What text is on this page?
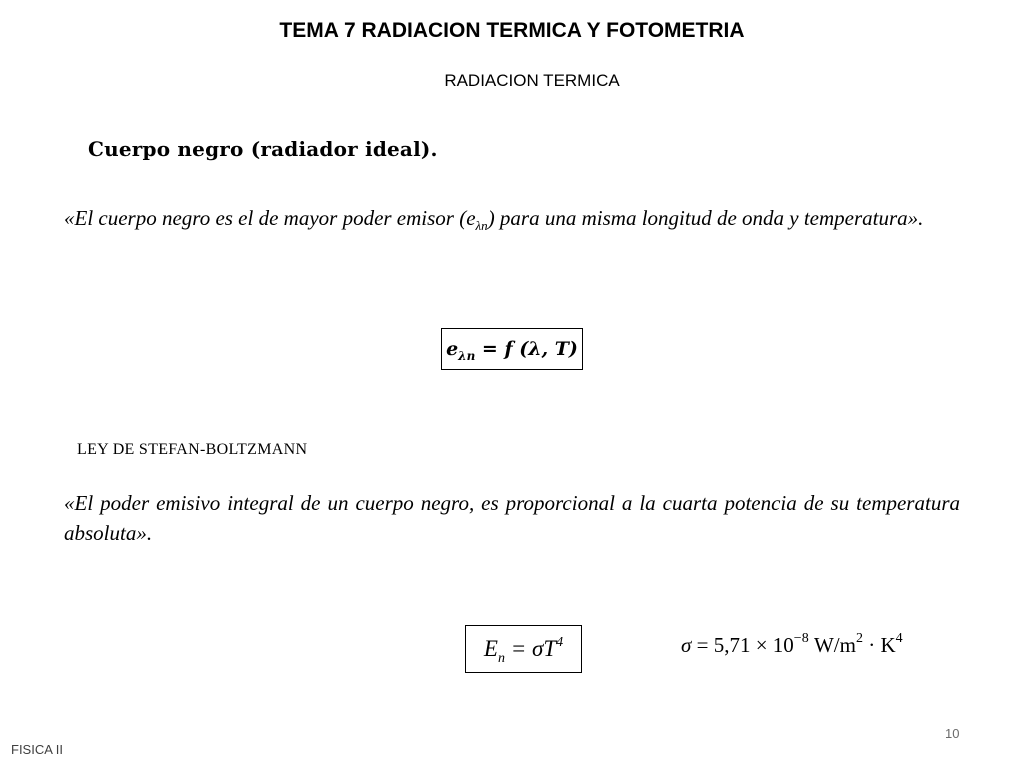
TEMA 7 RADIACION TERMICA Y FOTOMETRIA
RADIACION TERMICA
Cuerpo negro (radiador ideal).
«El cuerpo negro es el de mayor poder emisor $(e_{\lambda n})$ para una misma longitud de onda y temperatura».
$e_{\lambda n} = f$ (λ, T)
LEY DE STEFAN-BOLTZMANN
«El poder emisivo integral de un cuerpo negro, es proporcional a la cuarta potencia de su temperatura absoluta».
$E_n = \sigma T^4$	$\sigma = 5,71 \times 10^{-8}$ $W/m^2 \cdot K^4$
10
FISICA II
